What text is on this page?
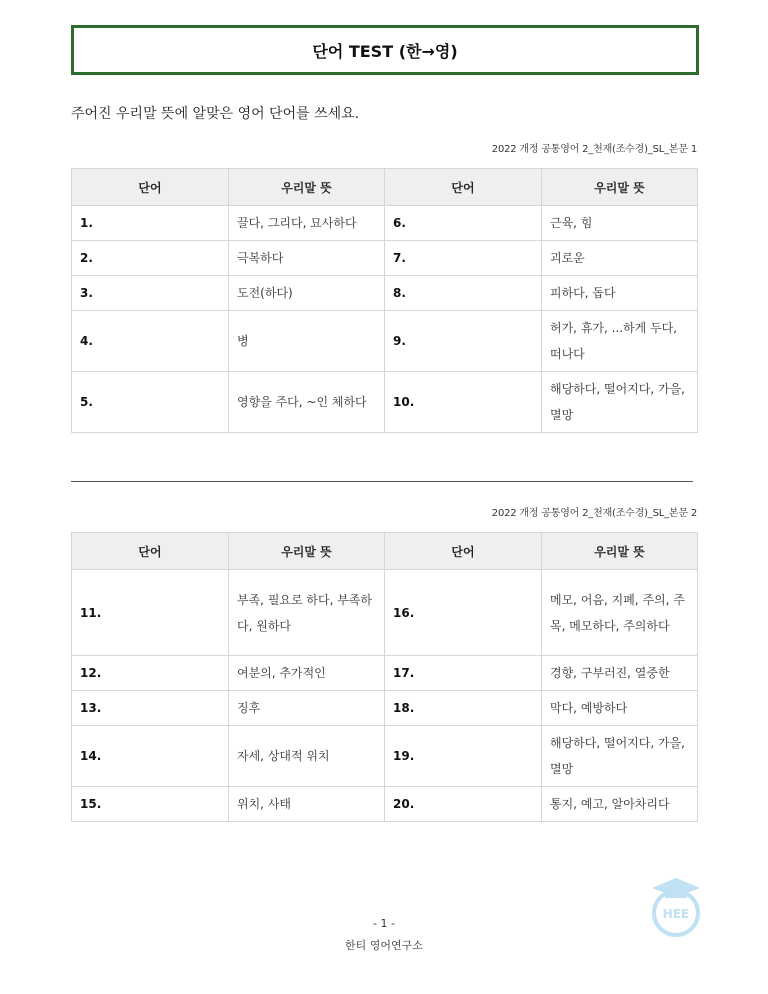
단어 TEST (한→영)
주어진 우리말 뜻에 알맞은 영어 단어를 쓰세요.
2022 개정 공통영어 2_천재(조수경)_SL_본문 1
단어	우리말 뜻	단어	우리말 뜻
1.	끌다, 그리다, 묘사하다	6.	근육, 힘
2.	극복하다	7.	괴로운
3.	도전(하다)	8.	피하다, 돕다
4.	병	9.	허가, 휴가, ...하게 두다, 떠나다
5.	영향을 주다, ~인 체하다	10.	해당하다, 떨어지다, 가을, 멸망
2022 개정 공통영어 2_천재(조수경)_SL_본문 2
단어	우리말 뜻	단어	우리말 뜻
11.	부족, 필요로 하다, 부족하다, 원하다	16.	메모, 어음, 지폐, 주의, 주목, 메모하다, 주의하다
12.	여분의, 추가적인	17.	경향, 구부러진, 열중한
13.	징후	18.	막다, 예방하다
14.	자세, 상대적 위치	19.	해당하다, 떨어지다, 가을, 멸망
15.	위치, 사태	20.	통지, 예고, 알아차리다
- 1 -
한티 영어연구소
HEE
